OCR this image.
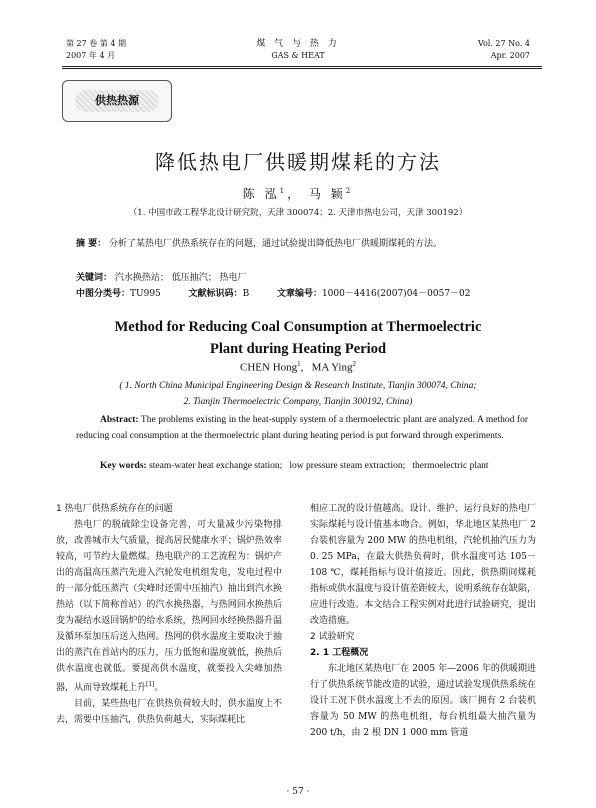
第 27 卷 第 4 期
2007 年 4 月
煤 气 与 热 力
GAS & HEAT
Vol. 27 No. 4
Apr. 2007
供热热源
降低热电厂供暖期煤耗的方法
陈 泓$^1$， 马 颖$^2$
（1. 中国市政工程华北设计研究院，天津 300074；2. 天津市热电公司，天津 300192）
摘 要： 分析了某热电厂供热系统存在的问题，通过试验提出降低热电厂供暖期煤耗的方法。
关键词： 汽水换热站； 低压抽汽； 热电厂
中图分类号：TU995	文献标识码：B	文章编号：1000－4416(2007)04－0057－02
Method for Reducing Coal Consumption at Thermoelectric Plant during Heating Period
CHEN Hong$^1$,   MA Ying$^2$
( 1. North China Municipal Engineering Design & Research Institute, Tianjin 300074, China;
2. Tianjin Thermoelectric Company, Tianjin 300192, China)
Abstract: The problems existing in the heat-supply system of a thermoelectric plant are analyzed. A method for reducing coal consumption at the thermoelectric plant during heating period is put forward through experiments.
Key words: steam-water heat exchange station;   low pressure steam extraction;   thermoelectric plant
1 热电厂供热系统存在的问题

热电厂的脱硫除尘设备完善，可大量减少污染物排放，改善城市大气质量，提高居民健康水平；锅炉热效率较高，可节约大量燃煤。热电联产的工艺流程为：锅炉产出的高温高压蒸汽先进入汽轮发电机组发电，发电过程中的一部分低压蒸汽（尖峰时还需中压抽汽）抽出到汽水换热站（以下简称首站）的汽水换热器，与热网回水换热后变为凝结水返回锅炉的给水系统，热网回水经换热器升温及循环泵加压后送入热网。热网的供水温度主要取决于抽出的蒸汽在首站内的压力，压力低饱和温度就低，换热后供水温度也就低。要提高供水温度，就要投入尖峰加热器，从而导致煤耗上升[1]。

目前，某些热电厂在供热负荷较大时，供水温度上不去，需要中压抽汽，供热负荷越大，实际煤耗比

相应工况的设计值越高。设计、维护、运行良好的热电厂实际煤耗与设计值基本吻合。例如，华北地区某热电厂 2 台装机容量为 200 MW 的热电机组，汽轮机抽汽压力为 0. 25 MPa，在最大供热负荷时，供水温度可达 105－108 ℃，煤耗指标与设计值接近。因此，供热期间煤耗指标或供水温度与设计值差距较大，说明系统存在缺陷，应进行改造。本文结合工程实例对此进行试验研究，提出改造措施。

2 试验研究
2. 1 工程概况

东北地区某热电厂在 2005 年—2006 年的供暖期进行了供热系统节能改造的试验，通过试验发现供热系统在设计工况下供水温度上不去的原因。该厂拥有 2 台装机容量为 50 MW 的热电机组，每台机组最大抽汽量为 200 t/h，由 2 根 DN 1 000 mm 管道

· 57 ·
